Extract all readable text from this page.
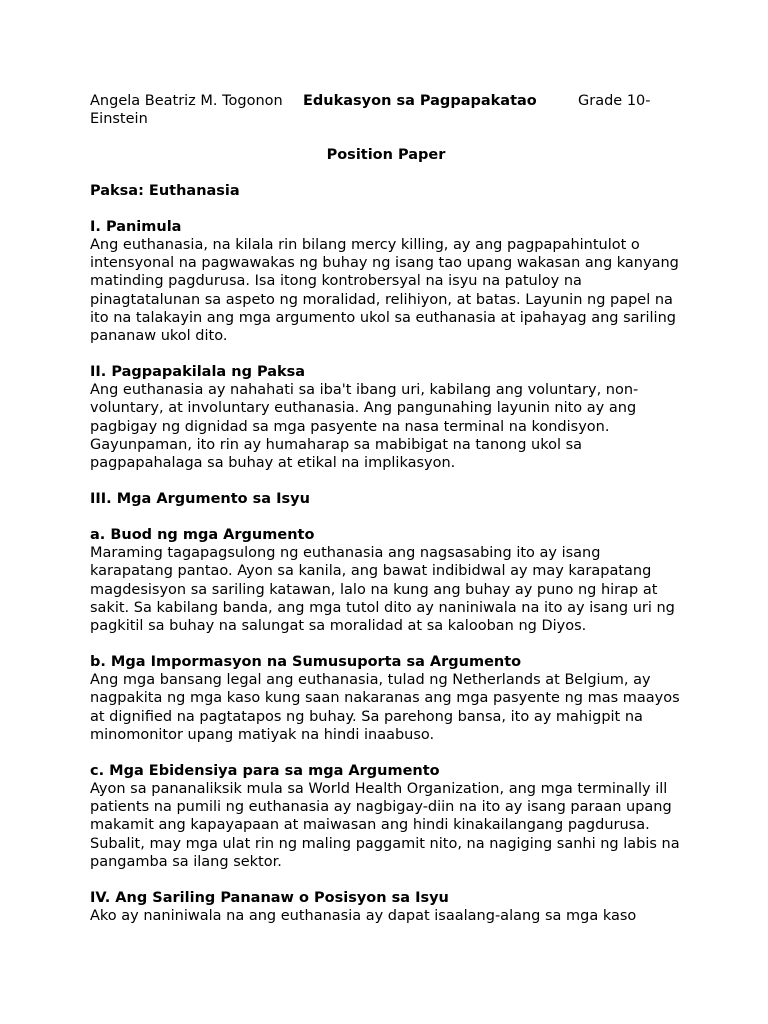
Angela Beatriz M. Togonon Edukasyon sa Pagpapakatao	Grade 10-
Einstein
Position Paper
Paksa: Euthanasia
I. Panimula

Ang euthanasia, na kilala rin bilang mercy killing, ay ang pagpapahintulot o intensyonal na pagwawakas ng buhay ng isang tao upang wakasan ang kanyang matinding pagdurusa. Isa itong kontrobersyal na isyu na patuloy na pinagtatalunan sa aspeto ng moralidad, relihiyon, at batas. Layunin ng papel na ito na talakayin ang mga argumento ukol sa euthanasia at ipahayag ang sariling pananaw ukol dito.

II. Pagpapakilala ng Paksa

Ang euthanasia ay nahahati sa iba't ibang uri, kabilang ang voluntary, non-voluntary, at involuntary euthanasia. Ang pangunahing layunin nito ay ang pagbigay ng dignidad sa mga pasyente na nasa terminal na kondisyon. Gayunpaman, ito rin ay humaharap sa mabibigat na tanong ukol sa pagpapahalaga sa buhay at etikal na implikasyon.

III. Mga Argumento sa Isyu
a. Buod ng mga Argumento

Maraming tagapagsulong ng euthanasia ang nagsasabing ito ay isang karapatang pantao. Ayon sa kanila, ang bawat indibidwal ay may karapatang magdesisyon sa sariling katawan, lalo na kung ang buhay ay puno ng hirap at sakit. Sa kabilang banda, ang mga tutol dito ay naniniwala na ito ay isang uri ng pagkitil sa buhay na salungat sa moralidad at sa kalooban ng Diyos.

b. Mga Impormasyon na Sumusuporta sa Argumento

Ang mga bansang legal ang euthanasia, tulad ng Netherlands at Belgium, ay nagpakita ng mga kaso kung saan nakaranas ang mga pasyente ng mas maayos at dignified na pagtatapos ng buhay. Sa parehong bansa, ito ay mahigpit na minomonitor upang matiyak na hindi inaabuso.

c. Mga Ebidensiya para sa mga Argumento

Ayon sa pananaliksik mula sa World Health Organization, ang mga terminally ill patients na pumili ng euthanasia ay nagbigay-diin na ito ay isang paraan upang makamit ang kapayapaan at maiwasan ang hindi kinakailangang pagdurusa. Subalit, may mga ulat rin ng maling paggamit nito, na nagiging sanhi ng labis na pangamba sa ilang sektor.

IV. Ang Sariling Pananaw o Posisyon sa Isyu

Ako ay naniniwala na ang euthanasia ay dapat isaalang-alang sa mga kaso
